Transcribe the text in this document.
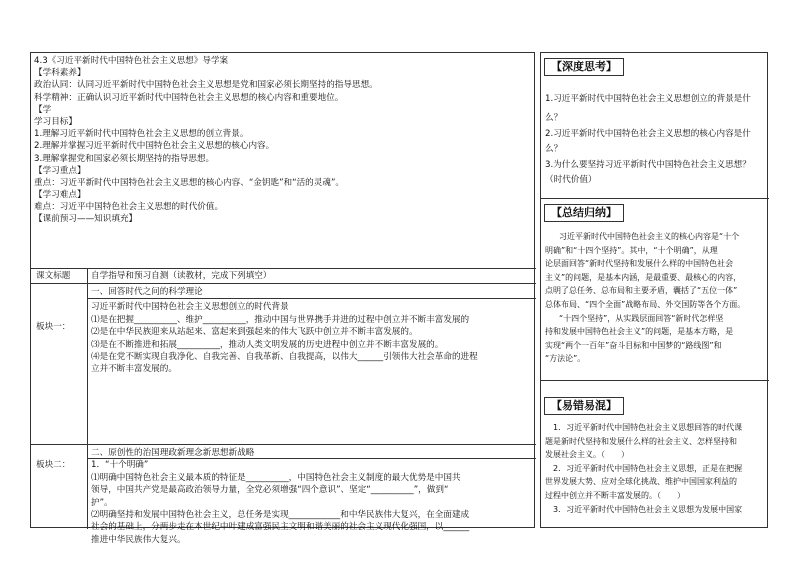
4.3《习近平新时代中国特色社会主义思想》导学案
【学科素养】
政治认同：认同习近平新时代中国特色社会主义思想是党和国家必须长期坚持的指导思想。
科学精神：正确认识习近平新时代中国特色社会主义思想的核心内容和重要地位。
【学
学习目标】
1.理解习近平新时代中国特色社会主义思想的创立背景。
2.理解并掌握习近平新时代中国特色社会主义思想的核心内容。
3.理解掌握党和国家必须长期坚持的指导思想。
【学习重点】
重点：习近平新时代中国特色社会主义思想的核心内容、“金钥匙”和“活的灵魂”。
【学习难点】
难点：习近平中国特色社会主义思想的时代价值。
【课前预习——知识填充】
课文标题 自学指导和预习自测（读教材，完成下列填空）
板块一：
一、回答时代之问的科学理论
习近平新时代中国特色社会主义思想创立的时代背景
⑴是在把握__________、维护__________，推动中国与世界携手并进的过程中创立并不断丰富发展的
⑵是在中华民族迎来从站起来、富起来到强起来的伟大飞跃中创立并不断丰富发展的。
⑶是在不断推进和拓展__________，推动人类文明发展的历史进程中创立并不断丰富发展的。
⑷是在党不断实现自我净化、自我完善、自我革新、自我提高，以伟大______引领伟大社会革命的进程
立并不断丰富发展的。
板块二：
二、原创性的治国理政新理念新思想新战略
1．“十个明确”
⑴明确中国特色社会主义最本质的特征是__________，中国特色社会主义制度的最大优势是中国共
领导，中国共产党是最高政治领导力量，全党必须增强“四个意识”、坚定“__________”，做到“
护”。
⑵明确坚持和发展中国特色社会主义，总任务是实现____________和中华民族伟大复兴，在全面建成
社会的基础上，分两步走在本世纪中叶建成富强民主文明和谐美丽的社会主义现代化强国，以______
推进中华民族伟大复兴。
【深度思考】
1.习近平新时代中国特色社会主义思想创立的背景是什
么？
2.习近平新时代中国特色社会主义思想的核心内容是什
么？
3.为什么要坚持习近平新时代中国特色社会主义思想？
（时代价值）
【总结归纳】
习近平新时代中国特色社会主义的核心内容是“十个
明确”和“十四个坚持”。其中，“十个明确”，从理
论层面回答“新时代坚持和发展什么样的中国特色社会
主义”的问题，是基本内涵，是最重要、最核心的内容，
点明了总任务、总布局和主要矛盾，囊括了“五位一体”
总体布局、“四个全面”战略布局、外交国防等各个方面。
“十四个坚持”，从实践层面回答“新时代怎样坚
持和发展中国特色社会主义”的问题，是基本方略，是
实现“两个一百年”奋斗目标和中国梦的“路线图”和
“方法论”。
【易错易混】
1．习近平新时代中国特色社会主义思想回答的时代课
题是新时代坚持和发展什么样的社会主义、怎样坚持和
发展社会主义。（　　）
2．习近平新时代中国特色社会主义思想，正是在把握
世界发展大势、应对全球化挑战、维护中国国家利益的
过程中创立并不断丰富发展的。（　　）
3．习近平新时代中国特色社会主义思想为发展中国家
